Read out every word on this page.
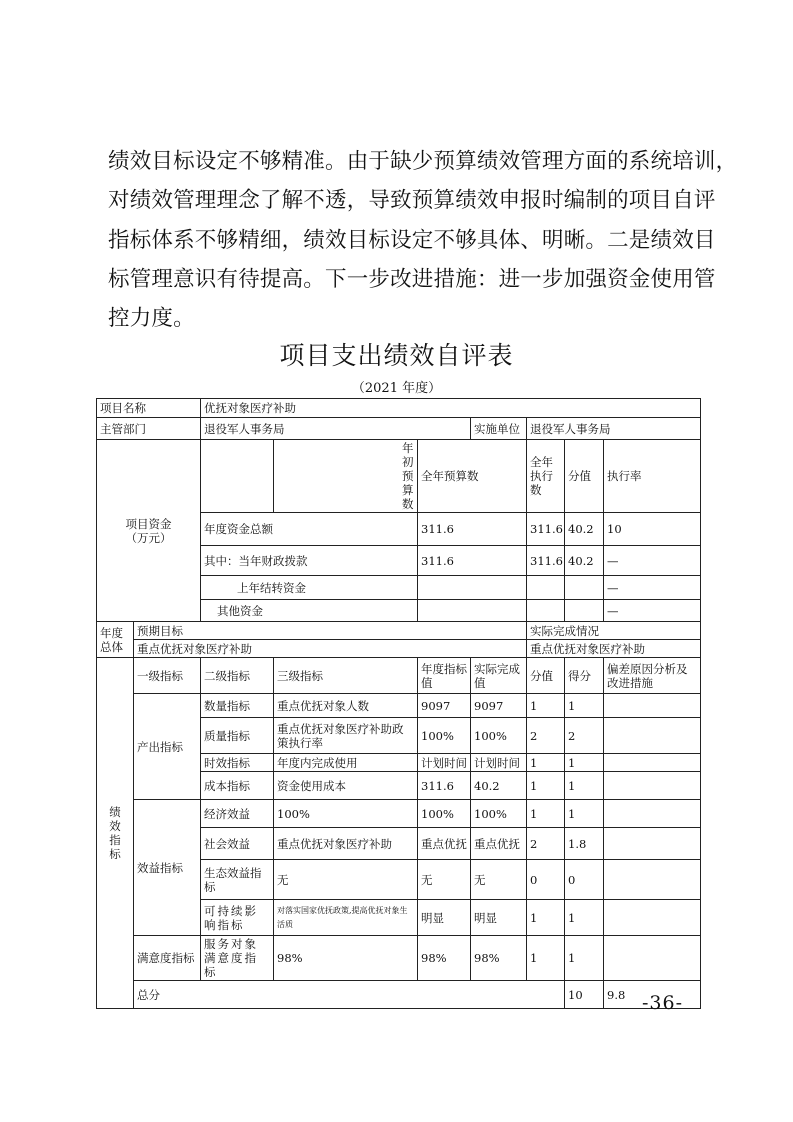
绩效目标设定不够精准。由于缺少预算绩效管理方面的系统培训，

对绩效管理理念了解不透，导致预算绩效申报时编制的项目自评

指标体系不够精细，绩效目标设定不够具体、明晰。二是绩效目

标管理意识有待提高。下一步改进措施：进一步加强资金使用管

控力度。

项目支出绩效自评表
（2021 年度）
项目名称		优抚对象医疗补助							
主管部门		退役军人事务局			实施单位	退役军人事务局			

项目资金
（万元）			年初预算数	全年预算数		全年执行数	分值	执行率	
		年度资金总额		311.6		311.6	40.2	10		
		其中：当年财政拨款		311.6		311.6	40.2	—		
		上年结转资金						—		
		其他资金						—		

年度
总体	预期目标					实际完成情况			
	重点优抚对象医疗补助					重点优抚对象医疗补助			

绩
效
指
标	一级指标	二级指标	三级指标	年度指标值	实际完成值	分值	得分	偏差原因分析及改进措施	
	产出指标	数量指标	重点优抚对象人数	9097	9097	1	1		
		质量指标	重点优抚对象医疗补助政策执行率	100%	100%	2	2		
		时效指标	年度内完成使用	计划时间	计划时间	1	1		
		成本指标	资金使用成本	311.6	40.2	1	1		
	效益指标	经济效益	100%	100%	100%	1	1		
		社会效益	重点优抚对象医疗补助	重点优抚	重点优抚	2	1.8		
		生态效益指标	无	无	无	0	0		
		可持续影响指标	对落实国家优抚政策,提高优抚对象生活质	明显	明显	1	1		
	满意度指标	服务对象满意度指标	98%	98%	98%	1	1		
	总分						10	9.8	-36-
